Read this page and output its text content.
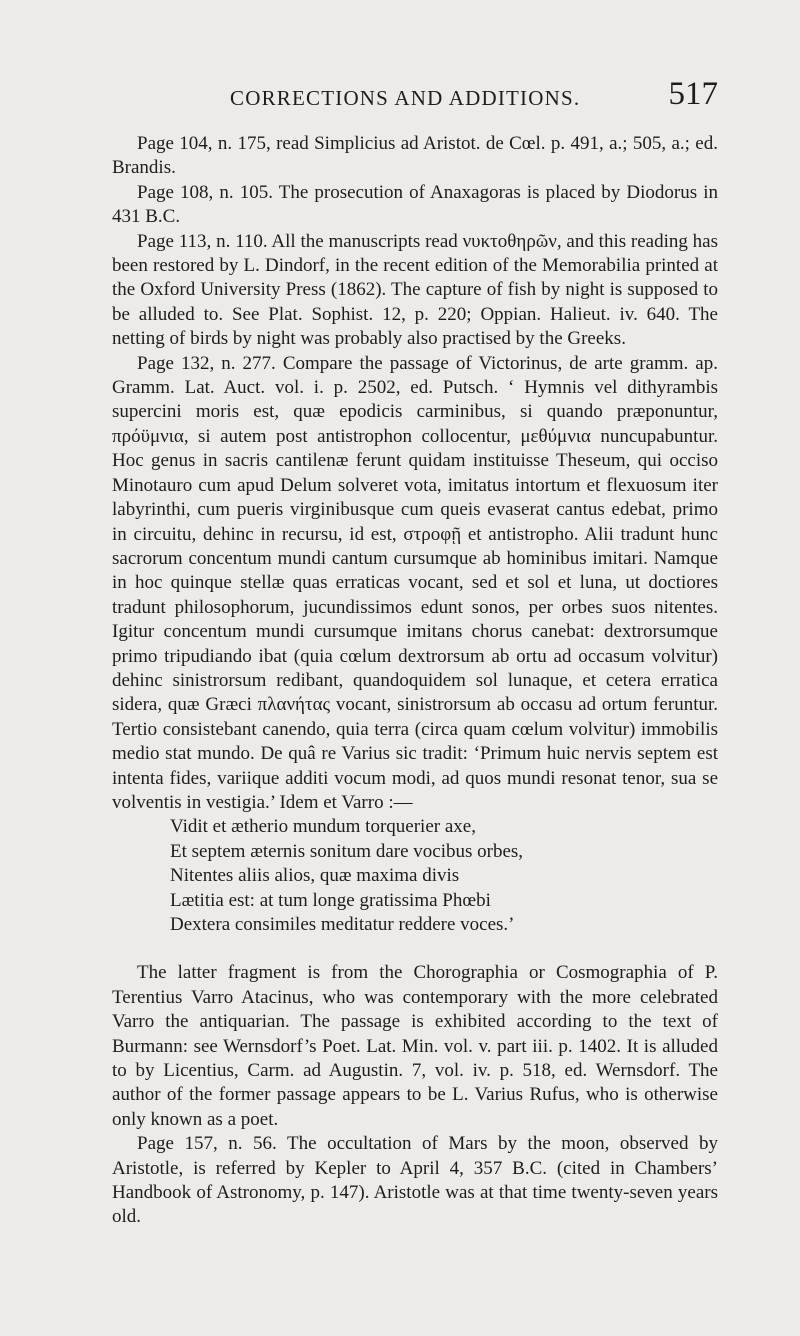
CORRECTIONS AND ADDITIONS.	517

Page 104, n. 175, read Simplicius ad Aristot. de Cœl. p. 491, a.; 505, a.; ed. Brandis.

Page 108, n. 105. The prosecution of Anaxagoras is placed by Diodorus in 431 B.C.

Page 113, n. 110. All the manuscripts read νυκτοθηρῶν, and this reading has been restored by L. Dindorf, in the recent edition of the Memorabilia printed at the Oxford University Press (1862). The capture of fish by night is supposed to be alluded to. See Plat. Sophist. 12, p. 220; Oppian. Halieut. iv. 640. The netting of birds by night was probably also practised by the Greeks.

Page 132, n. 277. Compare the passage of Victorinus, de arte gramm. ap. Gramm. Lat. Auct. vol. i. p. 2502, ed. Putsch. ‘ Hymnis vel dithyrambis supercini moris est, quæ epodicis carminibus, si quando præponuntur, πρόϋμνια, si autem post antistrophon collocentur, μεθύμνια nuncupabuntur. Hoc genus in sacris cantilenæ ferunt quidam instituisse Theseum, qui occiso Minotauro cum apud Delum solveret vota, imitatus intortum et flexuosum iter labyrinthi, cum pueris virginibusque cum queis evaserat cantus edebat, primo in circuitu, dehinc in recursu, id est, στροφῇ et antistropho. Alii tradunt hunc sacrorum concentum mundi cantum cursumque ab hominibus imitari. Namque in hoc quinque stellæ quas erraticas vocant, sed et sol et luna, ut doctiores tradunt philosophorum, jucundissimos edunt sonos, per orbes suos nitentes. Igitur concentum mundi cursumque imitans chorus canebat: dextrorsumque primo tripudiando ibat (quia cœlum dextrorsum ab ortu ad occasum volvitur) dehinc sinistrorsum redibant, quandoquidem sol lunaque, et cetera erratica sidera, quæ Græci πλανήτας vocant, sinistrorsum ab occasu ad ortum feruntur. Tertio consistebant canendo, quia terra (circa quam cœlum volvitur) immobilis medio stat mundo. De quâ re Varius sic tradit: ‘Primum huic nervis septem est intenta fides, variique additi vocum modi, ad quos mundi resonat tenor, sua se volventis in vestigia.’ Idem et Varro :—

Vidit et ætherio mundum torquerier axe,
Et septem æternis sonitum dare vocibus orbes,
Nitentes aliis alios, quæ maxima divis
Lætitia est: at tum longe gratissima Phœbi
Dextera consimiles meditatur reddere voces.’

The latter fragment is from the Chorographia or Cosmographia of P. Terentius Varro Atacinus, who was contemporary with the more celebrated Varro the antiquarian. The passage is exhibited according to the text of Burmann: see Wernsdorf’s Poet. Lat. Min. vol. v. part iii. p. 1402. It is alluded to by Licentius, Carm. ad Augustin. 7, vol. iv. p. 518, ed. Wernsdorf. The author of the former passage appears to be L. Varius Rufus, who is otherwise only known as a poet.

Page 157, n. 56. The occultation of Mars by the moon, observed by Aristotle, is referred by Kepler to April 4, 357 B.C. (cited in Chambers’ Handbook of Astronomy, p. 147). Aristotle was at that time twenty-seven years old.
